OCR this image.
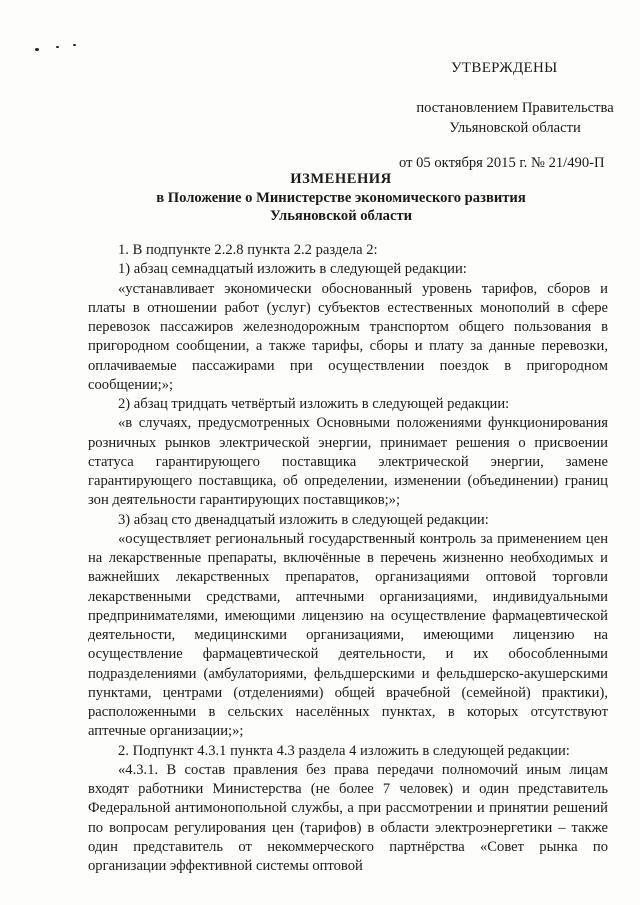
УТВЕРЖДЕНЫ
постановлением Правительства
Ульяновской области
от 05 октября 2015 г. № 21/490-П
ИЗМЕНЕНИЯ
в Положение о Министерстве экономического развития
Ульяновской области

1. В подпункте 2.2.8 пункта 2.2 раздела 2:

1) абзац семнадцатый изложить в следующей редакции:

«устанавливает экономически обоснованный уровень тарифов, сборов и платы в отношении работ (услуг) субъектов естественных монополий в сфере перевозок пассажиров железнодорожным транспортом общего пользования в пригородном сообщении, а также тарифы, сборы и плату за данные перевозки, оплачиваемые пассажирами при осуществлении поездок в пригородном сообщении;»;

2) абзац тридцать четвёртый изложить в следующей редакции:

«в случаях, предусмотренных Основными положениями функционирования розничных рынков электрической энергии, принимает решения о присвоении статуса гарантирующего поставщика электрической энергии, замене гарантирующего поставщика, об определении, изменении (объединении) границ зон деятельности гарантирующих поставщиков;»;

3) абзац сто двенадцатый изложить в следующей редакции:

«осуществляет региональный государственный контроль за применением цен на лекарственные препараты, включённые в перечень жизненно необходимых и важнейших лекарственных препаратов, организациями оптовой торговли лекарственными средствами, аптечными организациями, индивидуальными предпринимателями, имеющими лицензию на осуществление фармацевтической деятельности, медицинскими организациями, имеющими лицензию на осуществление фармацевтической деятельности, и их обособленными подразделениями (амбулаториями, фельдшерскими и фельдшерско-акушерскими пунктами, центрами (отделениями) общей врачебной (семейной) практики), расположенными в сельских населённых пунктах, в которых отсутствуют аптечные организации;»;

2. Подпункт 4.3.1 пункта 4.3 раздела 4 изложить в следующей редакции:

«4.3.1. В состав правления без права передачи полномочий иным лицам входят работники Министерства (не более 7 человек) и один представитель Федеральной антимонопольной службы, а при рассмотрении и принятии решений по вопросам регулирования цен (тарифов) в области электроэнергетики – также один представитель от некоммерческого партнёрства «Совет рынка по организации эффективной системы оптовой
